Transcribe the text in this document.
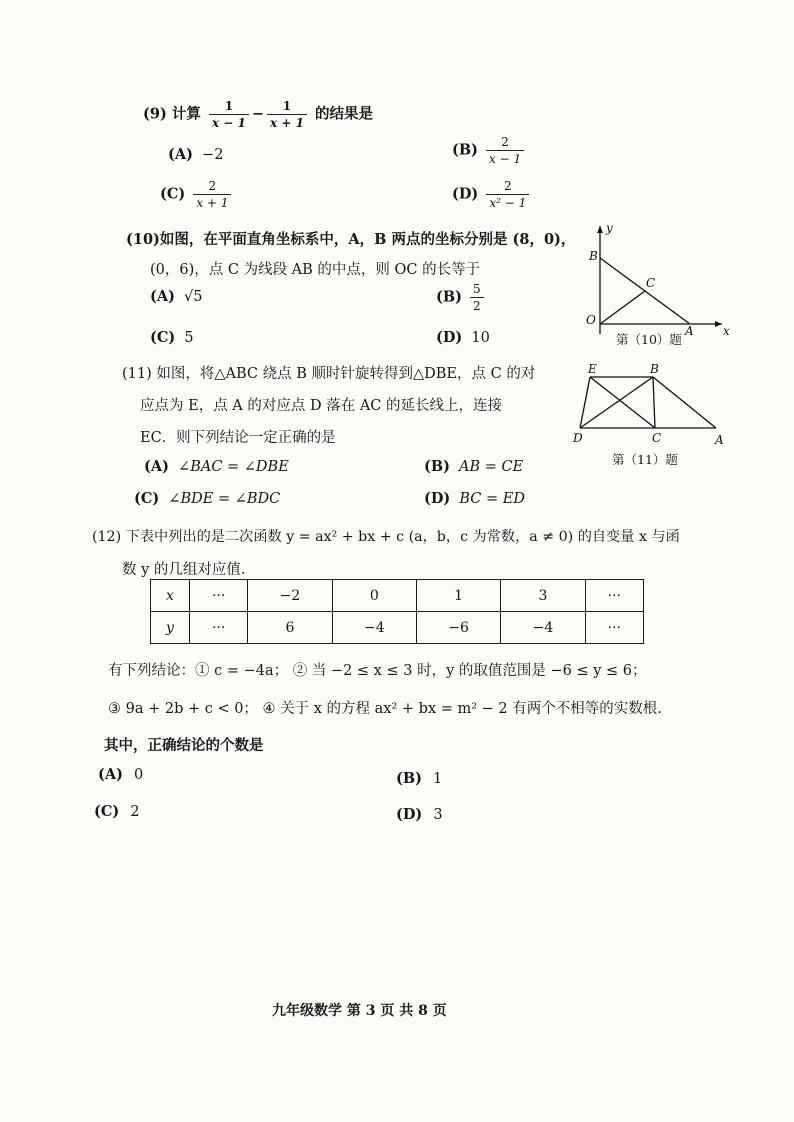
(9) 计算 $\frac{1}{x - 1} - \frac{1}{x + 1}$ 的结果是
(A) −2	$(B) \frac{2}{x - 1}$
$(C) \frac{2}{x + 1}$	$(D) \frac{2}{\text{x² − 1}}$
(10)如图，在平面直角坐标系中，A，B 两点的坐标分别是 (8，0)，
(0，6)，点 C 为线段 AB 的中点，则 OC 的长等于
(A) √5	$(B) \frac{5}{2}$
(C) 5	(D) 10
y
x
O
A
B
C
第（10）题
(11) 如图，将△ABC 绕点 B 顺时针旋转得到△DBE，点 C 的对
应点为 E，点 A 的对应点 D 落在 AC 的延长线上，连接
EC．则下列结论一定正确的是
(A) ∠BAC = ∠DBE	(B) AB = CE
(C) ∠BDE = ∠BDC	(D) BC = ED
E	B
D	C	A
第（11）题
(12) 下表中列出的是二次函数 y = ax² + bx + c (a，b，c 为常数，a ≠ 0) 的自变量 x 与函
数 y 的几组对应值.
x	···	−2	0	1	3	···
y	···	6	−4	−6	−4	···
有下列结论：① c = −4a； ② 当 −2 ≤ x ≤ 3 时，y 的取值范围是 −6 ≤ y ≤ 6；
③ 9a + 2b + c < 0； ④ 关于 x 的方程 ax² + bx = m² − 2 有两个不相等的实数根.
其中，正确结论的个数是
(A) 0	(B) 1
(C) 2	(D) 3
九年级数学 第 3 页 共 8 页
